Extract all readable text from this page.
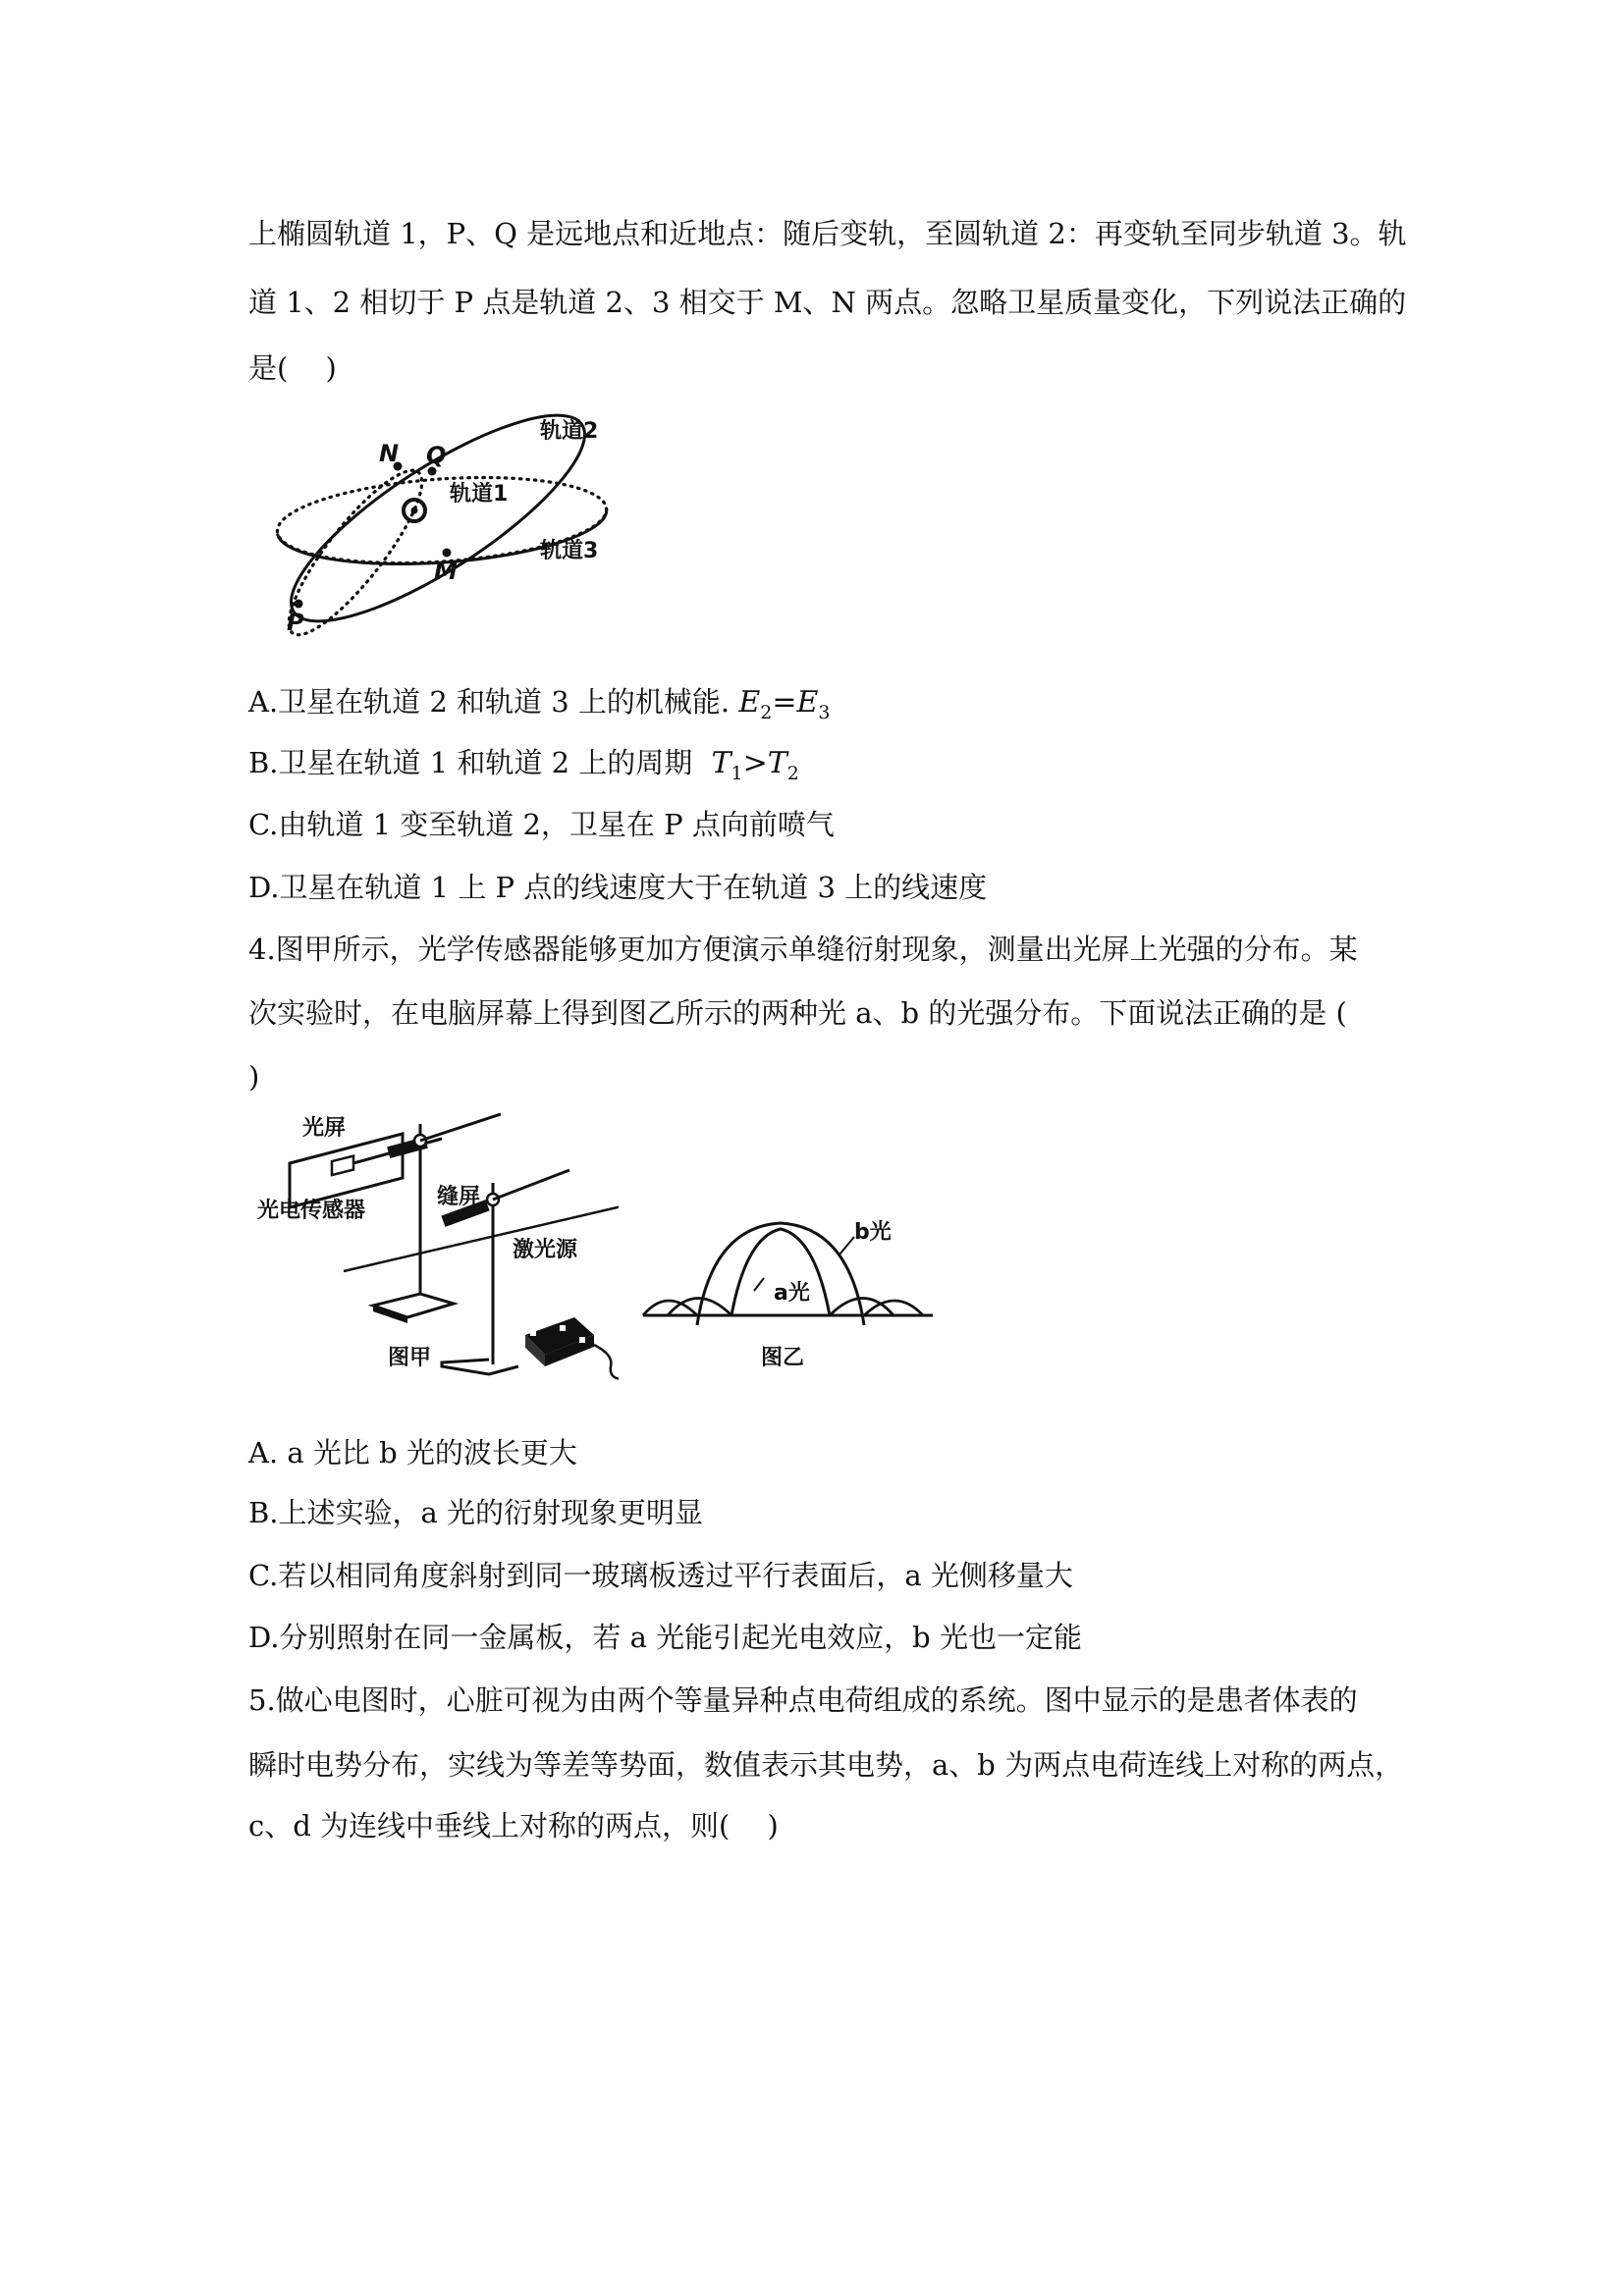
上椭圆轨道 1，P、Q 是远地点和近地点：随后变轨，至圆轨道 2：再变轨至同步轨道 3。轨
道 1、2 相切于 P 点是轨道 2、3 相交于 M、N 两点。忽略卫星质量变化，下列说法正确的
是(　 )
轨道2
轨道1
轨道3
N Q
M
P
A.卫星在轨道 2 和轨道 3 上的机械能. $E_2=E_3$
B.卫星在轨道 1 和轨道 2 上的周期 $T_1>T_2$
C.由轨道 1 变至轨道 2，卫星在 P 点向前喷气
D.卫星在轨道 1 上 P 点的线速度大于在轨道 3 上的线速度
4.图甲所示，光学传感器能够更加方便演示单缝衍射现象，测量出光屏上光强的分布。某
次实验时，在电脑屏幕上得到图乙所示的两种光 a、b 的光强分布。下面说法正确的是 (
)
光屏
光电传感器
缝屏
激光源
图甲
b光
a光
图乙
A. a 光比 b 光的波长更大
B.上述实验，a 光的衍射现象更明显
C.若以相同角度斜射到同一玻璃板透过平行表面后，a 光侧移量大
D.分别照射在同一金属板，若 a 光能引起光电效应，b 光也一定能
5.做心电图时，心脏可视为由两个等量异种点电荷组成的系统。图中显示的是患者体表的
瞬时电势分布，实线为等差等势面，数值表示其电势，a、b 为两点电荷连线上对称的两点，
c、d 为连线中垂线上对称的两点，则(　 )
